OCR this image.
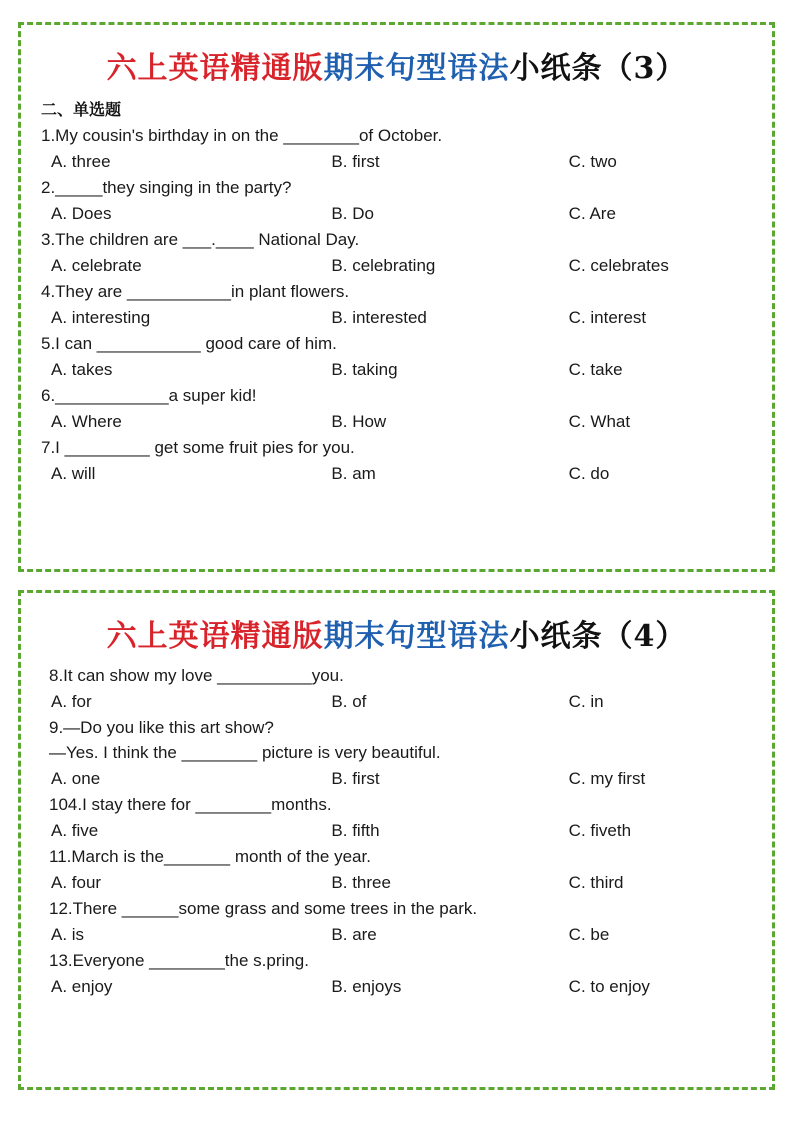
六上英语精通版期末句型语法小纸条（3）
二、单选题
1.My cousin's birthday in on the ________of October.
A. three	B. first	C. two
2._____they singing in the party?
A. Does	B. Do	C. Are
3.The children are ___.____ National Day.
A. celebrate	B. celebrating	C. celebrates
4.They are ___________in plant flowers.
A. interesting	B. interested	C. interest
5.I can ___________ good care of him.
A. takes	B. taking	C. take
6.____________a super kid!
A. Where	B. How	C. What
7.I _________ get some fruit pies for you.
A. will	B. am	C. do
六上英语精通版期末句型语法小纸条（4）
8.It can show my love __________you.
A. for	B. of	C. in
9.—Do you like this art show?
—Yes. I think the ________ picture is very beautiful.
A. one	B. first	C. my first
104.I stay there for ________months.
A. five	B. fifth	C. fiveth
11.March is the_______ month of the year.
A. four	B. three	C. third
12.There ______some grass and some trees in the park.
A. is	B. are	C. be
13.Everyone ________the s.pring.
A. enjoy	B. enjoys	C. to enjoy
